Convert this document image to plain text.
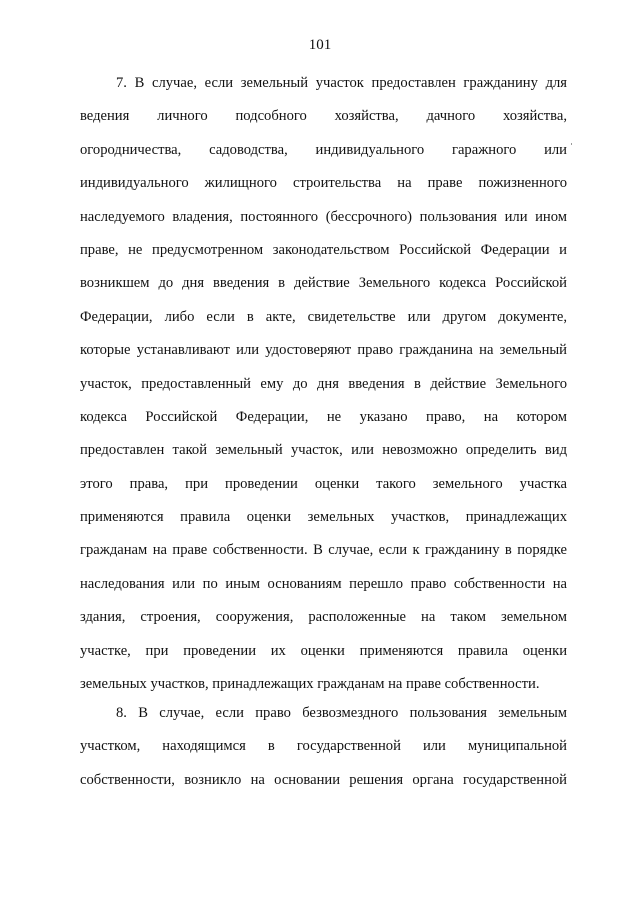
101
7. В случае, если земельный участок предоставлен гражданину для
ведения личного подсобного хозяйства, дачного хозяйства,
огородничества, садоводства, индивидуального гаражного или
индивидуального жилищного строительства на праве пожизненного
наследуемого владения, постоянного (бессрочного) пользования или ином
праве, не предусмотренном законодательством Российской Федерации и
возникшем до дня введения в действие Земельного кодекса Российской
Федерации, либо если в акте, свидетельстве или другом документе,
которые устанавливают или удостоверяют право гражданина на земельный
участок, предоставленный ему до дня введения в действие Земельного
кодекса Российской Федерации, не указано право, на котором
предоставлен такой земельный участок, или невозможно определить вид
этого права, при проведении оценки такого земельного участка
применяются правила оценки земельных участков, принадлежащих
гражданам на праве собственности. В случае, если к гражданину в порядке
наследования или по иным основаниям перешло право собственности на
здания, строения, сооружения, расположенные на таком земельном
участке, при проведении их оценки применяются правила оценки
земельных участков, принадлежащих гражданам на праве собственности.
8. В случае, если право безвозмездного пользования земельным
участком, находящимся в государственной или муниципальной
собственности, возникло на основании решения органа государственной
